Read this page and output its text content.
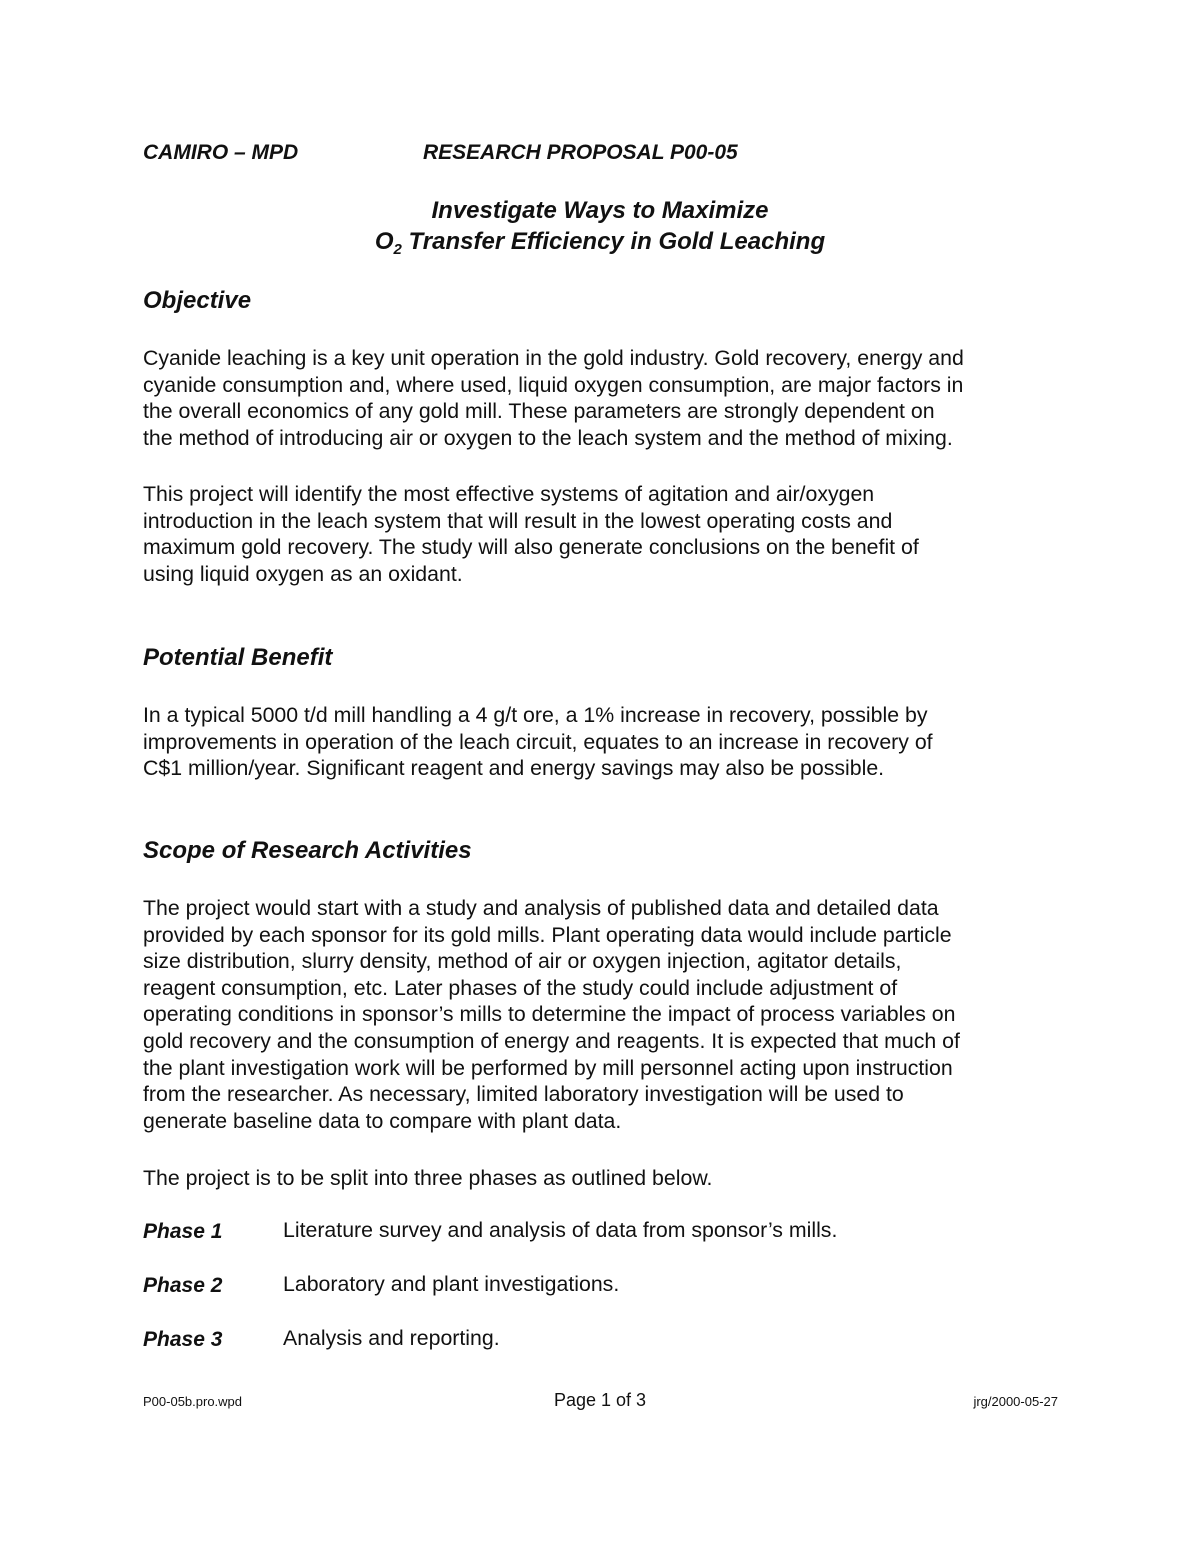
CAMIRO – MPD	RESEARCH PROPOSAL P00-05
Investigate Ways to Maximize
$O_2$ Transfer Efficiency in Gold Leaching
Objective

Cyanide leaching is a key unit operation in the gold industry. Gold recovery, energy and
cyanide consumption and, where used, liquid oxygen consumption, are major factors in
the overall economics of any gold mill. These parameters are strongly dependent on
the method of introducing air or oxygen to the leach system and the method of mixing.

This project will identify the most effective systems of agitation and air/oxygen
introduction in the leach system that will result in the lowest operating costs and
maximum gold recovery. The study will also generate conclusions on the benefit of
using liquid oxygen as an oxidant.

Potential Benefit

In a typical 5000 t/d mill handling a 4 g/t ore, a 1% increase in recovery, possible by
improvements in operation of the leach circuit, equates to an increase in recovery of
C$1 million/year. Significant reagent and energy savings may also be possible.

Scope of Research Activities

The project would start with a study and analysis of published data and detailed data
provided by each sponsor for its gold mills. Plant operating data would include particle
size distribution, slurry density, method of air or oxygen injection, agitator details,
reagent consumption, etc. Later phases of the study could include adjustment of
operating conditions in sponsor’s mills to determine the impact of process variables on
gold recovery and the consumption of energy and reagents. It is expected that much of
the plant investigation work will be performed by mill personnel acting upon instruction
from the researcher. As necessary, limited laboratory investigation will be used to
generate baseline data to compare with plant data.

The project is to be split into three phases as outlined below.

Phase 1	Literature survey and analysis of data from sponsor’s mills.
Phase 2	Laboratory and plant investigations.
Phase 3	Analysis and reporting.
P00-05b.pro.wpd	Page 1 of 3	jrg/2000-05-27
